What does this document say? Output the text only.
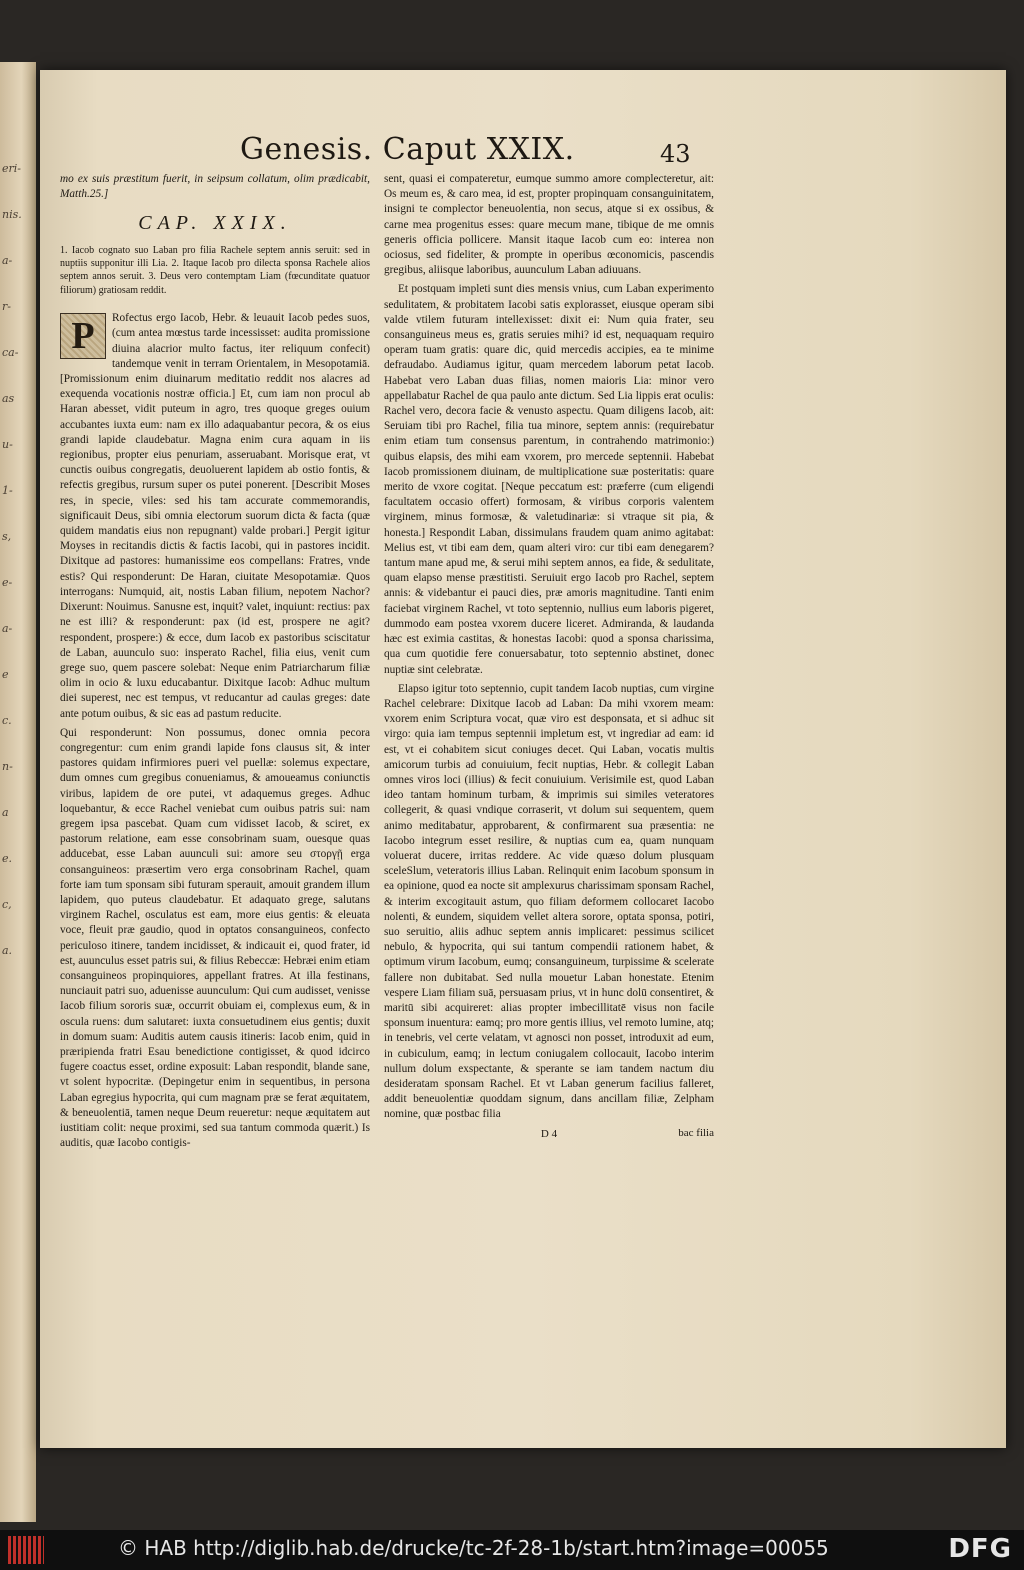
eri-
nis.
a-
r-
ca-
as
u-
1-
s,
e-
a-
e
c.
n-
a
e.
c,
a.
Genesis. Caput XXIX.	43

mo ex suis præstitum fuerit, in seipsum collatum, olim prædicabit, Matth.25.]

CAP. XXIX.
1. Iacob cognato suo Laban pro filia Rachele septem annis seruit: sed in nuptiis supponitur illi Lia. 2. Itaque Iacob pro dilecta sponsa Rachele alios septem annos seruit. 3. Deus vero contemptam Liam (fœcunditate quatuor filiorum) gratiosam reddit.
P	Rofectus ergo Iacob, Hebr. & leuauit Iacob pedes suos, (cum antea mœstus tarde incessisset: audita promissione diuina alacrior multo factus, iter reliquum confecit) tandemque venit in terram Orientalem, in Mesopotamiā. [Promissionum enim diuinarum meditatio reddit nos alacres ad exequenda vocationis nostræ officia.] Et, cum iam non procul ab Haran abesset, vidit puteum in agro, tres quoque greges ouium accubantes iuxta eum: nam ex illo adaquabantur pecora, & os eius grandi lapide claudebatur. Magna enim cura aquam in iis regionibus, propter eius penuriam, asseruabant. Morisque erat, vt cunctis ouibus congregatis, deuoluerent lapidem ab ostio fontis, & refectis gregibus, rursum super os putei ponerent. [Describit Moses res, in specie, viles: sed his tam accurate commemorandis, significauit Deus, sibi omnia electorum suorum dicta & facta (quæ quidem mandatis eius non repugnant) valde probari.] Pergit igitur Moyses in recitandis dictis & factis Iacobi, qui in pastores incidit. Dixitque ad pastores: humanissime eos compellans: Fratres, vnde estis? Qui responderunt: De Haran, ciuitate Mesopotamiæ. Quos interrogans: Numquid, ait, nostis Laban filium, nepotem Nachor? Dixerunt: Nouimus. Sanusne est, inquit? valet, inquiunt: rectius: pax ne est illi? & responderunt: pax (id est, prospere ne agit? respondent, prospere:) & ecce, dum Iacob ex pastoribus sciscitatur de Laban, auunculo suo: insperato Rachel, filia eius, venit cum grege suo, quem pascere solebat: Neque enim Patriarcharum filiæ olim in ocio & luxu educabantur. Dixitque Iacob: Adhuc multum diei superest, nec est tempus, vt reducantur ad caulas greges: date ante potum ouibus, & sic eas ad pastum reducite.

Qui responderunt: Non possumus, donec omnia pecora congregentur: cum enim grandi lapide fons clausus sit, & inter pastores quidam infirmiores pueri vel puellæ: solemus expectare, dum omnes cum gregibus conueniamus, & amoueamus coniunctis viribus, lapidem de ore putei, vt adaquemus greges. Adhuc loquebantur, & ecce Rachel veniebat cum ouibus patris sui: nam gregem ipsa pascebat. Quam cum vidisset Iacob, & sciret, ex pastorum relatione, eam esse consobrinam suam, ouesque quas adducebat, esse Laban auunculi sui: amore seu στοργῇ erga consanguineos: præsertim vero erga consobrinam Rachel, quam forte iam tum sponsam sibi futuram sperauit, amouit grandem illum lapidem, quo puteus claudebatur. Et adaquato grege, salutans virginem Rachel, osculatus est eam, more eius gentis: & eleuata voce, fleuit præ gaudio, quod in optatos consanguineos, confecto periculoso itinere, tandem incidisset, & indicauit ei, quod frater, id est, auunculus esset patris sui, & filius Rebeccæ: Hebræi enim etiam consanguineos propinquiores, appellant fratres. At illa festinans, nunciauit patri suo, aduenisse auunculum: Qui cum audisset, venisse Iacob filium sororis suæ, occurrit obuiam ei, complexus eum, & in oscula ruens: dum salutaret: iuxta consuetudinem eius gentis; duxit in domum suam: Auditis autem causis itineris: Iacob enim, quid in præripienda fratri Esau benedictione contigisset, & quod idcirco fugere coactus esset, ordine exposuit: Laban respondit, blande sane, vt solent hypocritæ. (Depingetur enim in sequentibus, in persona Laban egregius hypocrita, qui cum magnam præ se ferat æquitatem, & beneuolentiā, tamen neque Deum reueretur: neque æquitatem aut iustitiam colit: neque proximi, sed sua tantum commoda quærit.) Is auditis, quæ Iacobo contigis-

sent, quasi ei compateretur, eumque summo amore complecteretur, ait: Os meum es, & caro mea, id est, propter propinquam consanguinitatem, insigni te complector beneuolentia, non secus, atque si ex ossibus, & carne mea progenitus esses: quare mecum mane, tibique de me omnis generis officia pollicere. Mansit itaque Iacob cum eo: interea non ociosus, sed fideliter, & prompte in operibus œconomicis, pascendis gregibus, aliisque laboribus, auunculum Laban adiuuans.

Et postquam impleti sunt dies mensis vnius, cum Laban experimento sedulitatem, & probitatem Iacobi satis explorasset, eiusque operam sibi valde vtilem futuram intellexisset: dixit ei: Num quia frater, seu consanguineus meus es, gratis seruies mihi? id est, nequaquam requiro operam tuam gratis: quare dic, quid mercedis accipies, ea te minime defraudabo. Audiamus igitur, quam mercedem laborum petat Iacob. Habebat vero Laban duas filias, nomen maioris Lia: minor vero appellabatur Rachel de qua paulo ante dictum. Sed Lia lippis erat oculis: Rachel vero, decora facie & venusto aspectu. Quam diligens Iacob, ait: Seruiam tibi pro Rachel, filia tua minore, septem annis: (requirebatur enim etiam tum consensus parentum, in contrahendo matrimonio:) quibus elapsis, des mihi eam vxorem, pro mercede septennii. Habebat Iacob promissionem diuinam, de multiplicatione suæ posteritatis: quare merito de vxore cogitat. [Neque peccatum est: præferre (cum eligendi facultatem occasio offert) formosam, & viribus corporis valentem virginem, minus formosæ, & valetudinariæ: si vtraque sit pia, & honesta.] Respondit Laban, dissimulans fraudem quam animo agitabat: Melius est, vt tibi eam dem, quam alteri viro: cur tibi eam denegarem? tantum mane apud me, & serui mihi septem annos, ea fide, & sedulitate, quam elapso mense præstitisti. Seruiuit ergo Iacob pro Rachel, septem annis: & videbantur ei pauci dies, præ amoris magnitudine. Tanti enim faciebat virginem Rachel, vt toto septennio, nullius eum laboris pigeret, dummodo eam postea vxorem ducere liceret. Admiranda, & laudanda hæc est eximia castitas, & honestas Iacobi: quod a sponsa charissima, qua cum quotidie fere conuersabatur, toto septennio abstinet, donec nuptiæ sint celebratæ.

Elapso igitur toto septennio, cupit tandem Iacob nuptias, cum virgine Rachel celebrare: Dixitque Iacob ad Laban: Da mihi vxorem meam: vxorem enim Scriptura vocat, quæ viro est desponsata, et si adhuc sit virgo: quia iam tempus septennii impletum est, vt ingrediar ad eam: id est, vt ei cohabitem sicut coniuges decet. Qui Laban, vocatis multis amicorum turbis ad conuiuium, fecit nuptias, Hebr. & collegit Laban omnes viros loci (illius) & fecit conuiuium. Verisimile est, quod Laban ideo tantam hominum turbam, & imprimis sui similes veteratores collegerit, & quasi vndique corraserit, vt dolum sui sequentem, quem animo meditabatur, approbarent, & confirmarent sua præsentia: ne Iacobo integrum esset resilire, & nuptias cum ea, quam nunquam voluerat ducere, irritas reddere. Ac vide quæso dolum plusquam sceleSlum, veteratoris illius Laban. Relinquit enim Iacobum sponsum in ea opinione, quod ea nocte sit amplexurus charissimam sponsam Rachel, & interim excogitauit astum, quo filiam deformem collocaret Iacobo nolenti, & eundem, siquidem vellet altera sorore, optata sponsa, potiri, suo seruitio, aliis adhuc septem annis implicaret: pessimus scilicet nebulo, & hypocrita, qui sui tantum compendii rationem habet, & optimum virum Iacobum, eumq; consanguineum, turpissime & scelerate fallere non dubitabat. Sed nulla mouetur Laban honestate. Etenim vespere Liam filiam suā, persuasam prius, vt in hunc dolū consentiret, & maritū sibi acquireret: alias propter imbecillitatē visus non facile sponsum inuentura: eamq; pro more gentis illius, vel remoto lumine, atq; in tenebris, vel certe velatam, vt agnosci non posset, introduxit ad eum, in cubiculum, eamq; in lectum coniugalem collocauit, Iacobo interim nullum dolum exspectante, & sperante se iam tandem nactum diu desideratam sponsam Rachel. Et vt Laban generum facilius falleret, addit beneuolentiæ quoddam signum, dans ancillam filiæ, Zelpham nomine, quæ postbac filia

D 4	bac filia
© HAB http://diglib.hab.de/drucke/tc-2f-28-1b/start.htm?image=00055	DFG
